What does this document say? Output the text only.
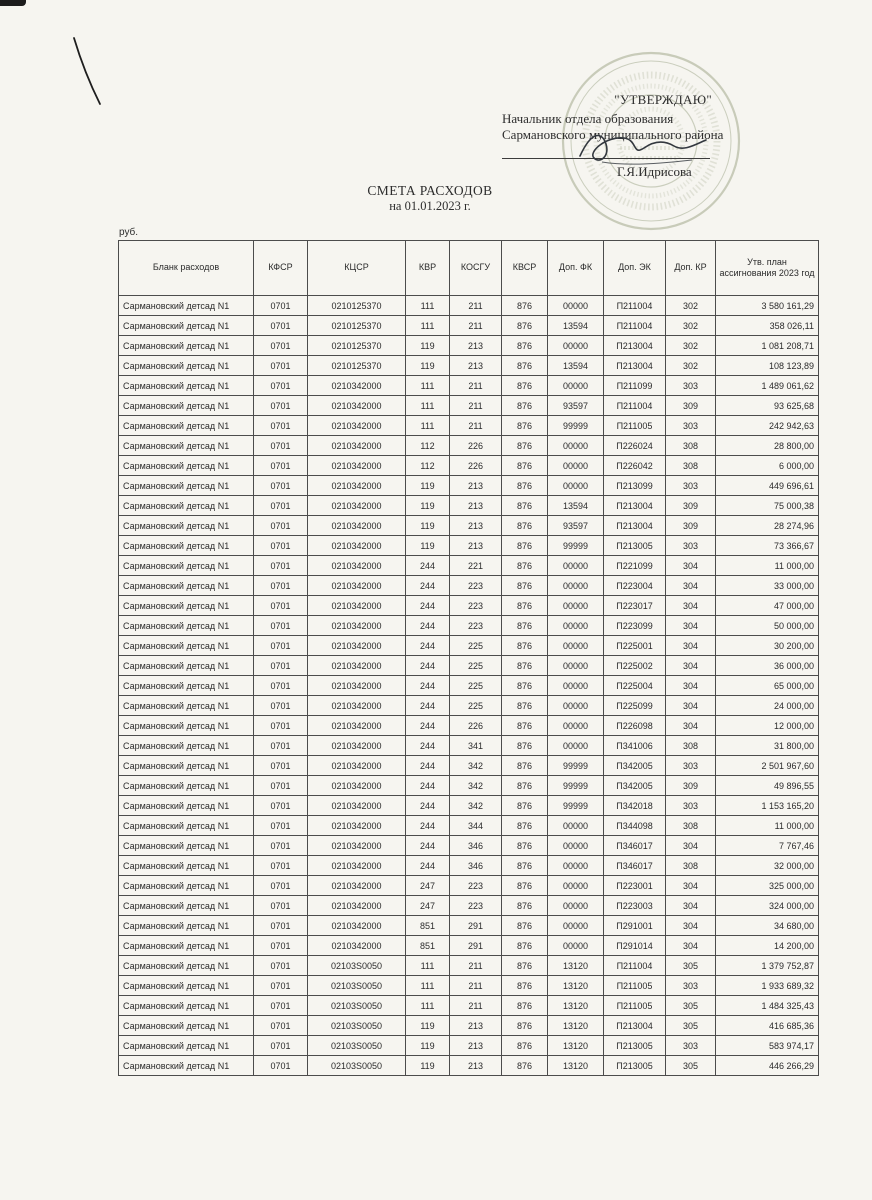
"УТВЕРЖДАЮ"
Начальник отдела образования
Сармановского муниципального района
Г.Я.Идрисова
СМЕТА РАСХОДОВ
на 01.01.2023 г.
руб.
Бланк расходов	КФСР	КЦСР	КВР	КОСГУ	КВСР	Доп. ФК	Доп. ЭК	Доп. КР	Утв. план ассигнования 2023 год
Сармановский детсад N1	0701	0210125370	111	211	876	00000	П211004	302	3 580 161,29
Сармановский детсад N1	0701	0210125370	111	211	876	13594	П211004	302	358 026,11
Сармановский детсад N1	0701	0210125370	119	213	876	00000	П213004	302	1 081 208,71
Сармановский детсад N1	0701	0210125370	119	213	876	13594	П213004	302	108 123,89
Сармановский детсад N1	0701	0210342000	111	211	876	00000	П211099	303	1 489 061,62
Сармановский детсад N1	0701	0210342000	111	211	876	93597	П211004	309	93 625,68
Сармановский детсад N1	0701	0210342000	111	211	876	99999	П211005	303	242 942,63
Сармановский детсад N1	0701	0210342000	112	226	876	00000	П226024	308	28 800,00
Сармановский детсад N1	0701	0210342000	112	226	876	00000	П226042	308	6 000,00
Сармановский детсад N1	0701	0210342000	119	213	876	00000	П213099	303	449 696,61
Сармановский детсад N1	0701	0210342000	119	213	876	13594	П213004	309	75 000,38
Сармановский детсад N1	0701	0210342000	119	213	876	93597	П213004	309	28 274,96
Сармановский детсад N1	0701	0210342000	119	213	876	99999	П213005	303	73 366,67
Сармановский детсад N1	0701	0210342000	244	221	876	00000	П221099	304	11 000,00
Сармановский детсад N1	0701	0210342000	244	223	876	00000	П223004	304	33 000,00
Сармановский детсад N1	0701	0210342000	244	223	876	00000	П223017	304	47 000,00
Сармановский детсад N1	0701	0210342000	244	223	876	00000	П223099	304	50 000,00
Сармановский детсад N1	0701	0210342000	244	225	876	00000	П225001	304	30 200,00
Сармановский детсад N1	0701	0210342000	244	225	876	00000	П225002	304	36 000,00
Сармановский детсад N1	0701	0210342000	244	225	876	00000	П225004	304	65 000,00
Сармановский детсад N1	0701	0210342000	244	225	876	00000	П225099	304	24 000,00
Сармановский детсад N1	0701	0210342000	244	226	876	00000	П226098	304	12 000,00
Сармановский детсад N1	0701	0210342000	244	341	876	00000	П341006	308	31 800,00
Сармановский детсад N1	0701	0210342000	244	342	876	99999	П342005	303	2 501 967,60
Сармановский детсад N1	0701	0210342000	244	342	876	99999	П342005	309	49 896,55
Сармановский детсад N1	0701	0210342000	244	342	876	99999	П342018	303	1 153 165,20
Сармановский детсад N1	0701	0210342000	244	344	876	00000	П344098	308	11 000,00
Сармановский детсад N1	0701	0210342000	244	346	876	00000	П346017	304	7 767,46
Сармановский детсад N1	0701	0210342000	244	346	876	00000	П346017	308	32 000,00
Сармановский детсад N1	0701	0210342000	247	223	876	00000	П223001	304	325 000,00
Сармановский детсад N1	0701	0210342000	247	223	876	00000	П223003	304	324 000,00
Сармановский детсад N1	0701	0210342000	851	291	876	00000	П291001	304	34 680,00
Сармановский детсад N1	0701	0210342000	851	291	876	00000	П291014	304	14 200,00
Сармановский детсад N1	0701	02103S0050	111	211	876	13120	П211004	305	1 379 752,87
Сармановский детсад N1	0701	02103S0050	111	211	876	13120	П211005	303	1 933 689,32
Сармановский детсад N1	0701	02103S0050	111	211	876	13120	П211005	305	1 484 325,43
Сармановский детсад N1	0701	02103S0050	119	213	876	13120	П213004	305	416 685,36
Сармановский детсад N1	0701	02103S0050	119	213	876	13120	П213005	303	583 974,17
Сармановский детсад N1	0701	02103S0050	119	213	876	13120	П213005	305	446 266,29
